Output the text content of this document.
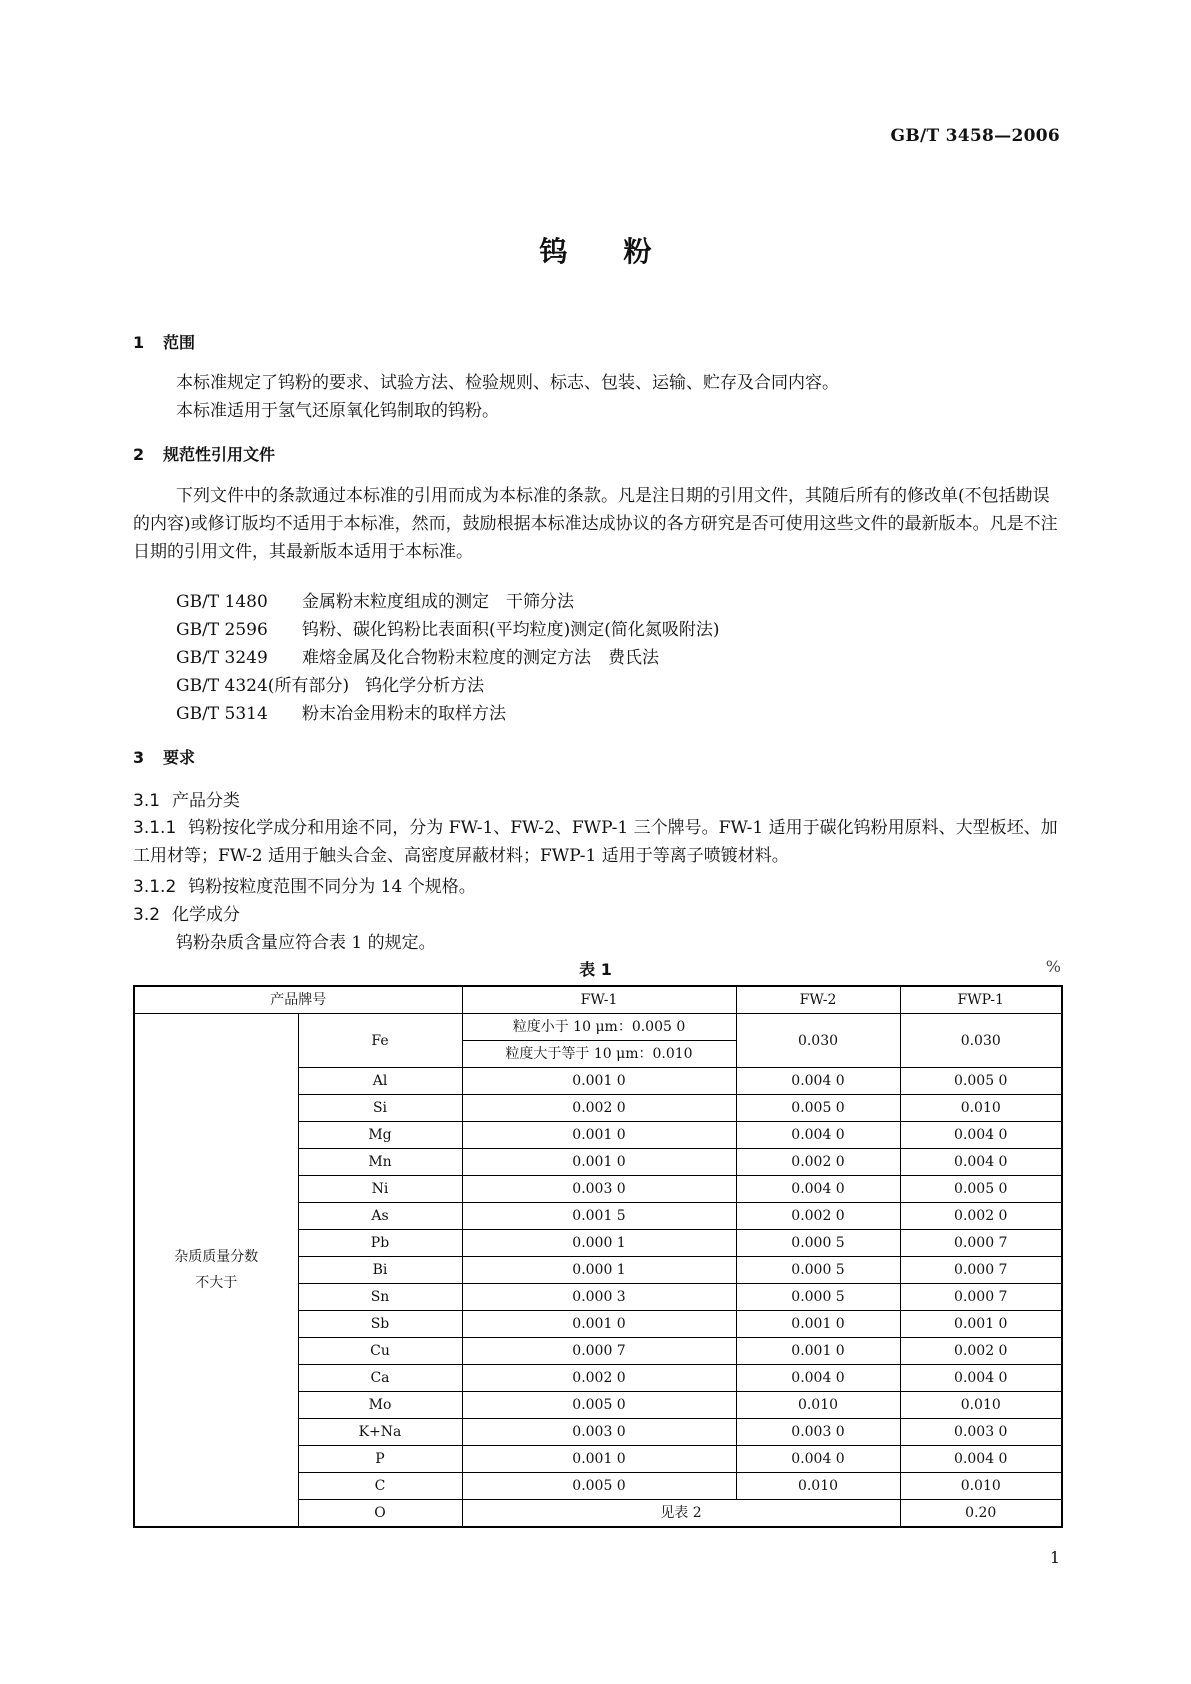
GB/T 3458—2006
钨粉
1 范围
本标准规定了钨粉的要求、试验方法、检验规则、标志、包装、运输、贮存及合同内容。
本标准适用于氢气还原氧化钨制取的钨粉。
2 规范性引用文件
下列文件中的条款通过本标准的引用而成为本标准的条款。凡是注日期的引用文件，其随后所有的修改单(不包括勘误的内容)或修订版均不适用于本标准，然而，鼓励根据本标准达成协议的各方研究是否可使用这些文件的最新版本。凡是不注日期的引用文件，其最新版本适用于本标准。
GB/T 1480 金属粉末粒度组成的测定　干筛分法
GB/T 2596 钨粉、碳化钨粉比表面积(平均粒度)测定(简化氮吸附法)
GB/T 3249 难熔金属及化合物粉末粒度的测定方法　费氏法
GB/T 4324(所有部分) 钨化学分析方法
GB/T 5314 粉末冶金用粉末的取样方法
3 要求
3.1 产品分类
3.1.1 钨粉按化学成分和用途不同，分为 FW-1、FW-2、FWP-1 三个牌号。FW-1 适用于碳化钨粉用原料、大型板坯、加工用材等；FW-2 适用于触头合金、高密度屏蔽材料；FWP-1 适用于等离子喷镀材料。
3.1.2 钨粉按粒度范围不同分为 14 个规格。
3.2 化学成分
钨粉杂质含量应符合表 1 的规定。
表 1	%
产品牌号		FW-1	FW-2	FWP-1
杂质质量分数
不大于	Fe	粒度小于 10 μm：0.005 0	0.030	0.030
		粒度大于等于 10 μm：0.010		
	Al	0.001 0	0.004 0	0.005 0
	Si	0.002 0	0.005 0	0.010
	Mg	0.001 0	0.004 0	0.004 0
	Mn	0.001 0	0.002 0	0.004 0
	Ni	0.003 0	0.004 0	0.005 0
	As	0.001 5	0.002 0	0.002 0
	Pb	0.000 1	0.000 5	0.000 7
	Bi	0.000 1	0.000 5	0.000 7
	Sn	0.000 3	0.000 5	0.000 7
	Sb	0.001 0	0.001 0	0.001 0
	Cu	0.000 7	0.001 0	0.002 0
	Ca	0.002 0	0.004 0	0.004 0
	Mo	0.005 0	0.010	0.010
	K+Na	0.003 0	0.003 0	0.003 0
	P	0.001 0	0.004 0	0.004 0
	C	0.005 0	0.010	0.010
	O	见表 2		0.20
1
